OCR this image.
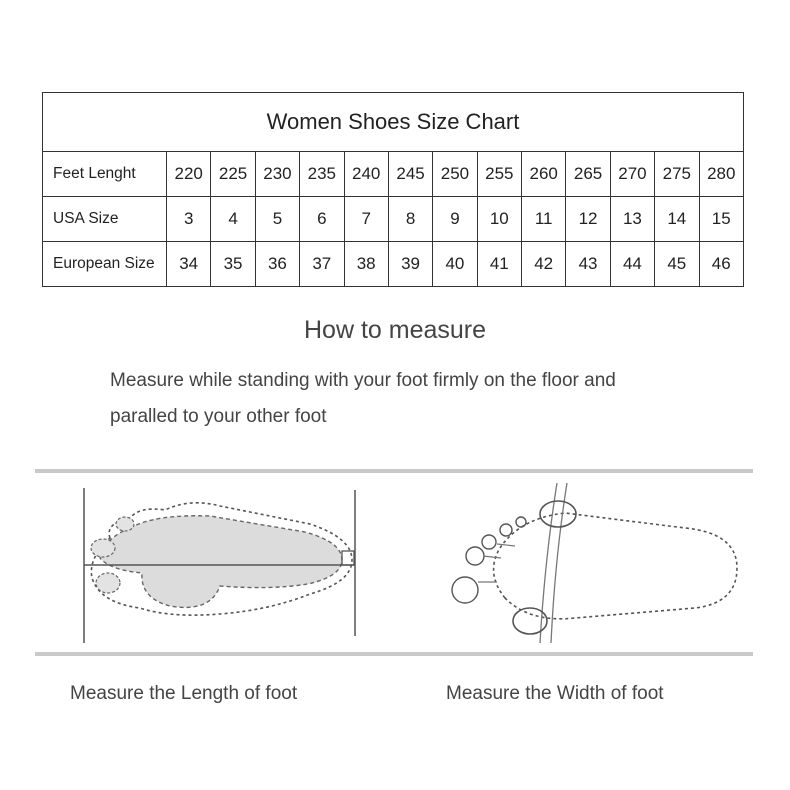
Women Shoes Size Chart													
Feet Lenght	220	225	230	235	240	245	250	255	260	265	270	275	280
USA Size	3	4	5	6	7	8	9	10	11	12	13	14	15
European Size	34	35	36	37	38	39	40	41	42	43	44	45	46
How to measure
Measure while standing with your foot firmly on the floor and
paralled to your other foot
Measure the Length of foot	Measure the Width of foot
